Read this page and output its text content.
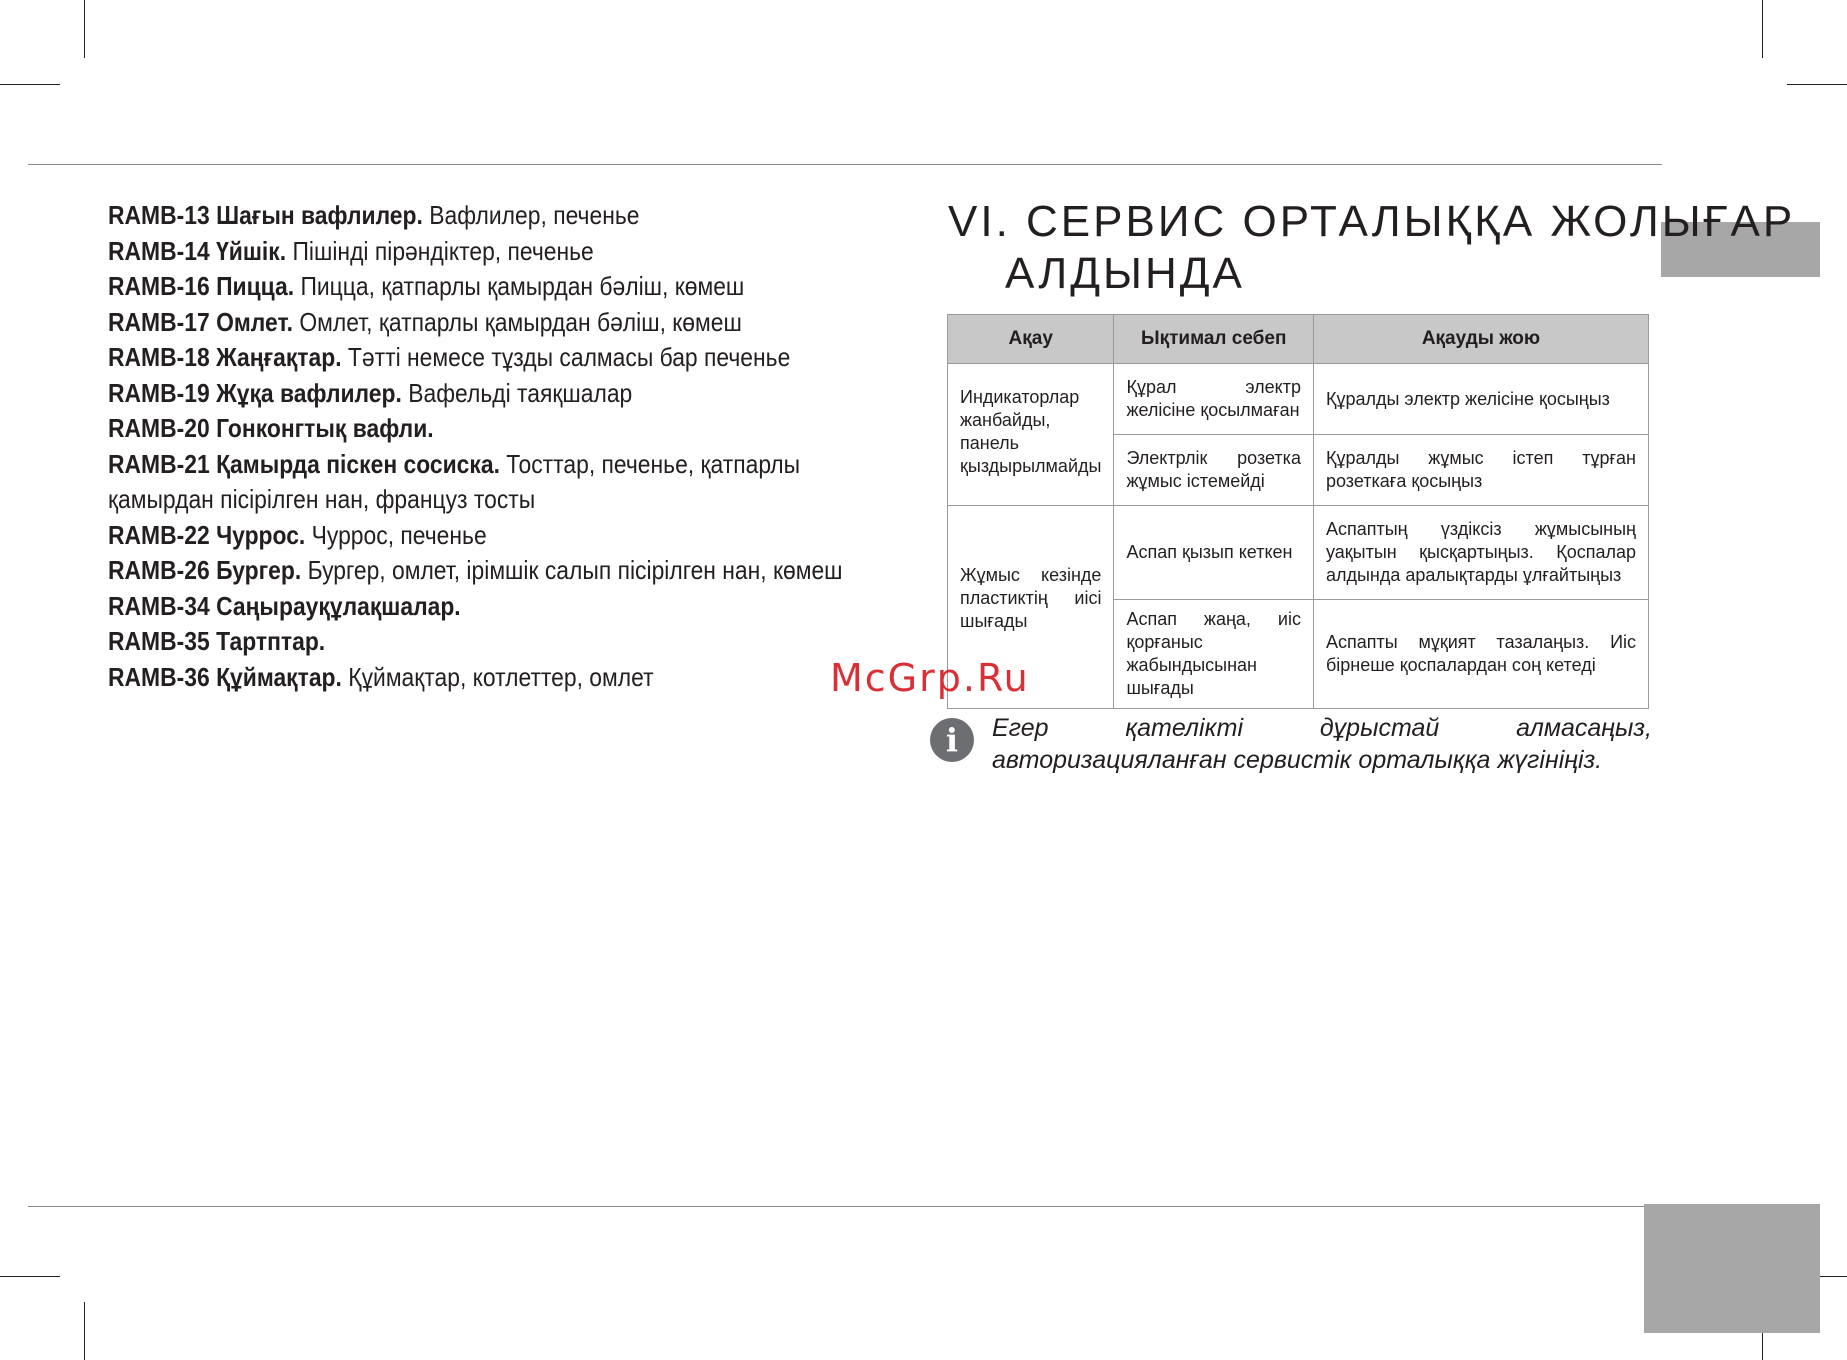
RAMB-13 Шағын вафлилер. Вафлилер, печенье
RAMB-14 Үйшік. Пішінді пірәндіктер, печенье
RAMB-16 Пицца. Пицца, қатпарлы қамырдан бәліш, көмеш
RAMB-17 Омлет. Омлет, қатпарлы қамырдан бәліш, көмеш
RAMB-18 Жаңғақтар. Тәтті немесе тұзды салмасы бар печенье
RAMB-19 Жұқа вафлилер. Вафельді таяқшалар
RAMB-20 Гонконгтық вафли.
RAMB-21 Қамырда піскен сосиска. Тосттар, печенье, қатпарлы
қамырдан пісірілген нан, француз тосты
RAMB-22 Чуррос. Чуррос, печенье
RAMB-26 Бургер. Бургер, омлет, ірімшік салып пісірілген нан, көмеш
RAMB-34 Саңырауқұлақшалар.
RAMB-35 Тартптар.
RAMB-36 Құймақтар. Құймақтар, котлеттер, омлет
VI. СЕРВИС ОРТАЛЫҚҚА ЖОЛЫҒАР
АЛДЫНДА
Ақау	Ықтимал себеп	Ақауды жою
Индикаторлар жанбайды, панель қыздырылмайды	Құрал электр желісіне қосылмаған	Құралды электр желісіне қосыңыз
	Электрлік розетка жұмыс істемейді	Құралды жұмыс істеп тұрған розеткаға қосыңыз
Жұмыс кезінде пластиктің иісі шығады	Аспап қызып кеткен	Аспаптың үздіксіз жұмысының уақытын қысқартыңыз. Қоспалар алдында аралықтарды ұлғайтыңыз
	Аспап жаңа, иіс қорғаныс жабындысынан шығады	Аспапты мұқият тазалаңыз. Иіс бірнеше қоспалардан соң кетеді
i	Егер қателікті дұрыстай алмасаңыз, авторизацияланған сервистік орталыққа жүгініңіз.
McGrp.Ru
